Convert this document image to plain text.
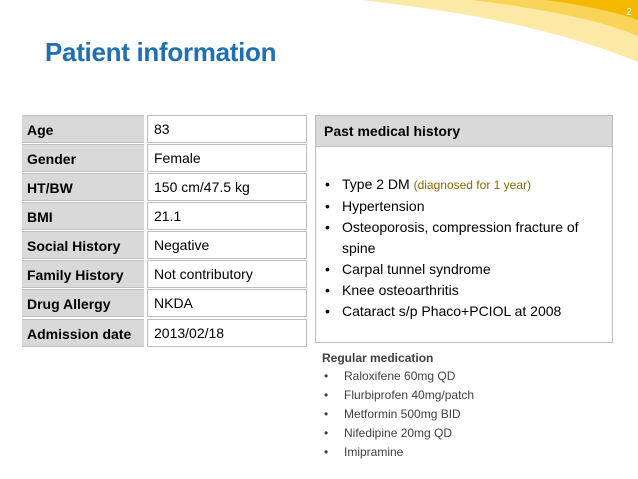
2
Patient information
Age	83
Gender	Female
HT/BW	150 cm/47.5 kg
BMI	21.1
Social History	Negative
Family History	Not contributory
Drug Allergy	NKDA
Admission date	2013/02/18
Past medical history
• Type 2 DM (diagnosed for 1 year)
• Hypertension
• Osteoporosis, compression fracture of spine
• Carpal tunnel syndrome
• Knee osteoarthritis
• Cataract s/p Phaco+PCIOL at 2008
Regular medication
• Raloxifene 60mg QD
• Flurbiprofen 40mg/patch
• Metformin 500mg BID
• Nifedipine 20mg QD
• Imipramine
